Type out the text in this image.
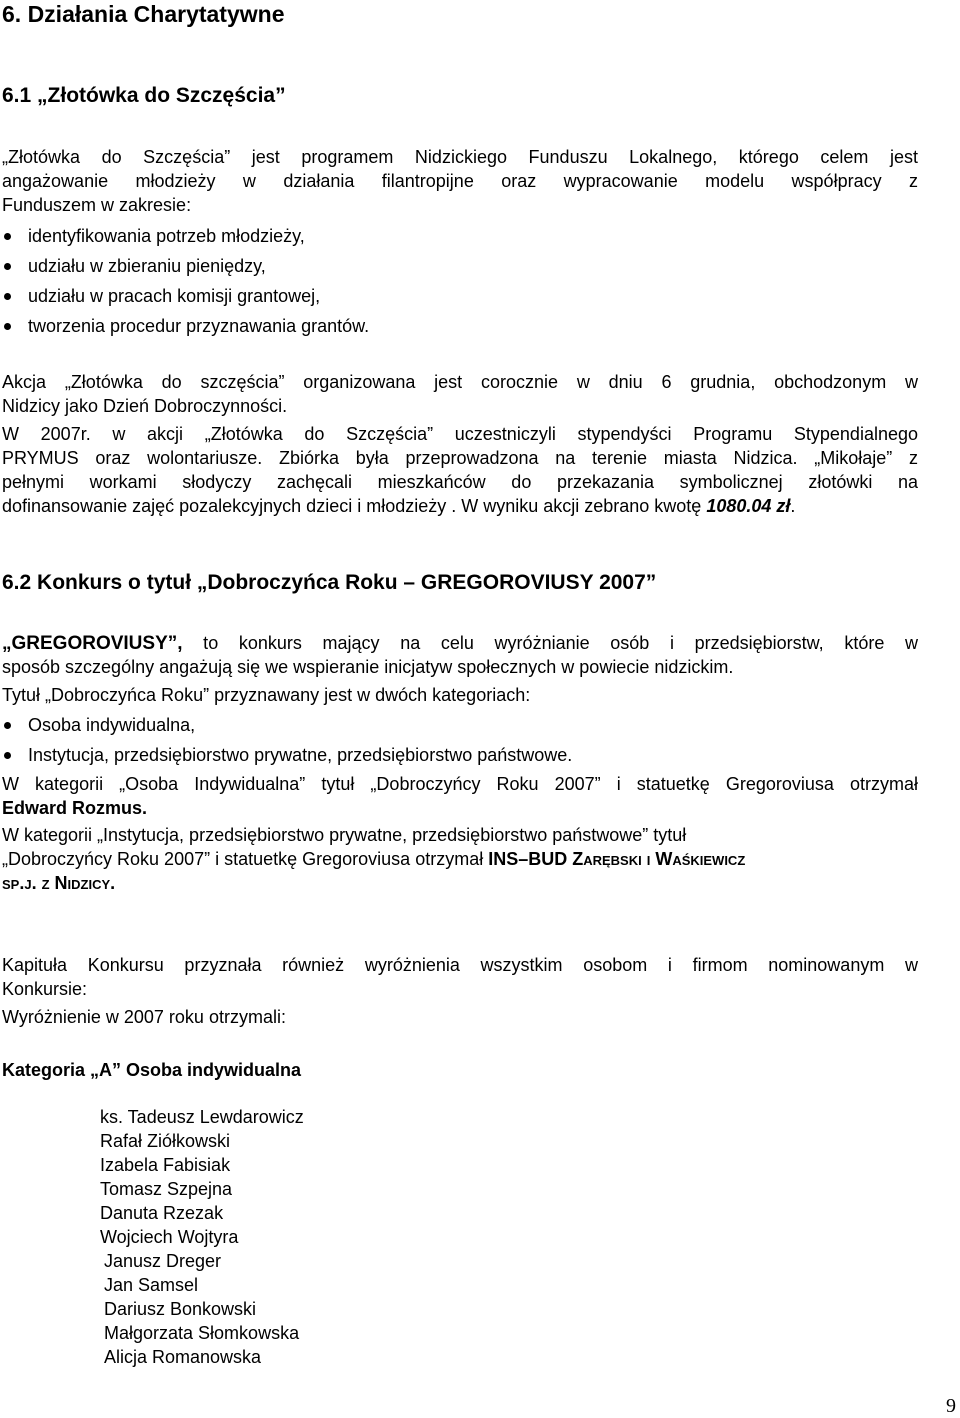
6. Działania Charytatywne
6.1 „Złotówka do Szczęścia”
„Złotówka do Szczęścia” jest programem Nidzickiego Funduszu Lokalnego, którego celem jest
angażowanie młodzieży w działania filantropijne oraz wypracowanie modelu współpracy z
Funduszem w zakresie:
identyfikowania potrzeb młodzieży,
udziału w zbieraniu pieniędzy,
udziału w pracach komisji grantowej,
tworzenia procedur przyznawania grantów.
Akcja „Złotówka do szczęścia” organizowana jest corocznie w dniu 6 grudnia, obchodzonym w
Nidzicy jako Dzień Dobroczynności.
W 2007r. w akcji „Złotówka do Szczęścia” uczestniczyli stypendyści Programu Stypendialnego
PRYMUS oraz wolontariusze. Zbiórka była przeprowadzona na terenie miasta Nidzica. „Mikołaje” z
pełnymi workami słodyczy zachęcali mieszkańców do przekazania symbolicznej złotówki na
dofinansowanie zajęć pozalekcyjnych dzieci i młodzieży . W wyniku akcji zebrano kwotę 1080.04 zł.
6.2 Konkurs o tytuł „Dobroczyńca Roku – GREGOROVIUSY 2007”
„GREGOROVIUSY”, to konkurs mający na celu wyróżnianie osób i przedsiębiorstw, które w
sposób szczególny angażują się we wspieranie inicjatyw społecznych w powiecie nidzickim.
Tytuł „Dobroczyńca Roku” przyznawany jest w dwóch kategoriach:
Osoba indywidualna,
Instytucja, przedsiębiorstwo prywatne, przedsiębiorstwo państwowe.
W kategorii „Osoba Indywidualna” tytuł „Dobroczyńcy Roku 2007” i statuetkę Gregoroviusa otrzymał
Edward Rozmus.
W kategorii „Instytucja, przedsiębiorstwo prywatne, przedsiębiorstwo państwowe” tytuł
„Dobroczyńcy Roku 2007” i statuetkę Gregoroviusa otrzymał INS–BUD Zarębski i Waśkiewicz
sp.j. z Nidzicy.
Kapituła Konkursu przyznała również wyróżnienia wszystkim osobom i firmom nominowanym w
Konkursie:
Wyróżnienie w 2007 roku otrzymali:
Kategoria „A” Osoba indywidualna
ks. Tadeusz Lewdarowicz
Rafał Ziółkowski
Izabela Fabisiak
Tomasz Szpejna
Danuta Rzezak
Wojciech Wojtyra
Janusz Dreger
Jan Samsel
Dariusz Bonkowski
Małgorzata Słomkowska
Alicja Romanowska
9
